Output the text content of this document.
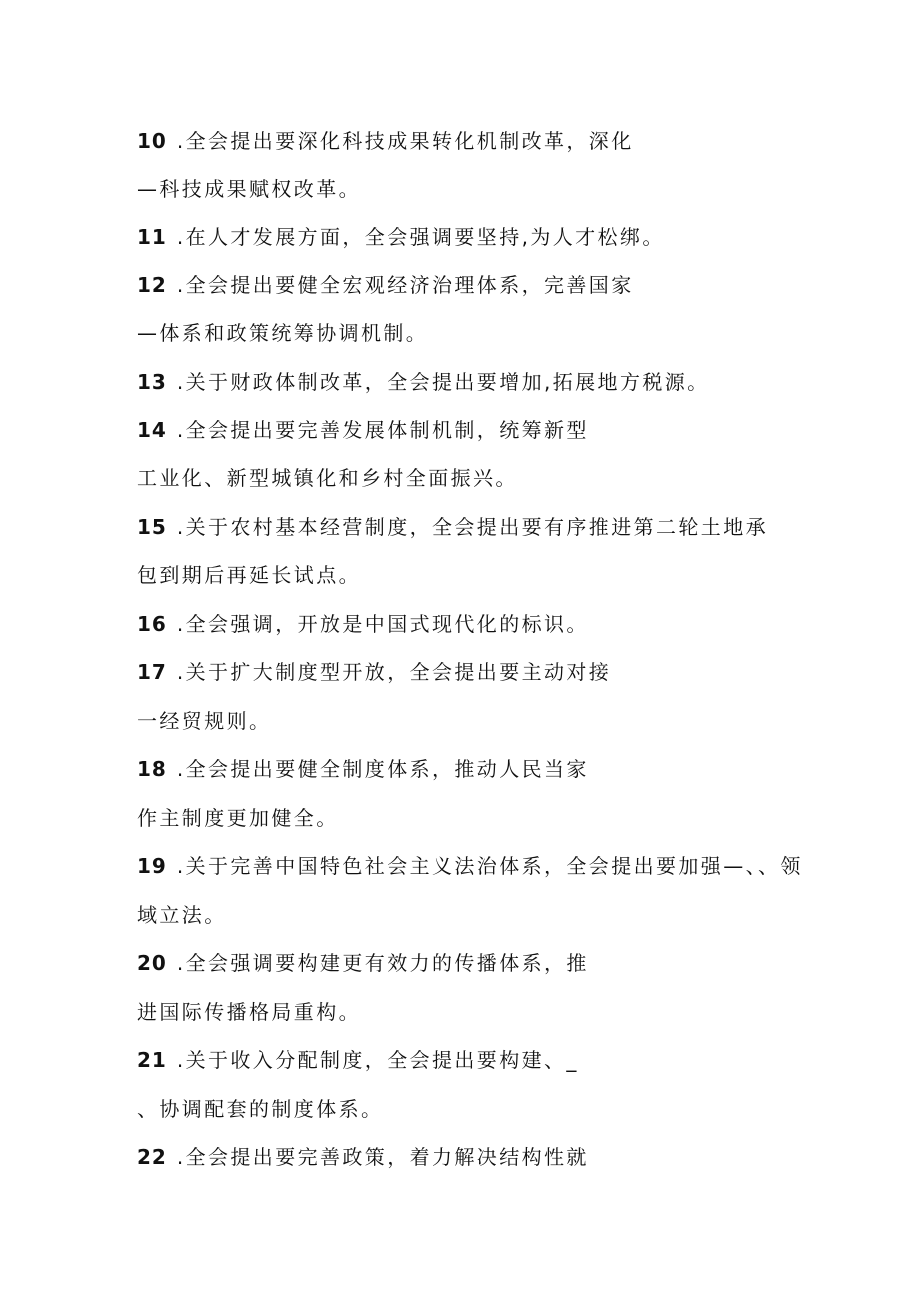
10 .全会提出要深化科技成果转化机制改革，深化
—科技成果赋权改革。
11 .在人才发展方面，全会强调要坚持,为人才松绑。
12 .全会提出要健全宏观经济治理体系，完善国家
—体系和政策统筹协调机制。
13 .关于财政体制改革，全会提出要增加,拓展地方税源。
14 .全会提出要完善发展体制机制，统筹新型
工业化、新型城镇化和乡村全面振兴。
15 .关于农村基本经营制度，全会提出要有序推进第二轮土地承
包到期后再延长试点。
16 .全会强调，开放是中国式现代化的标识。
17 .关于扩大制度型开放，全会提出要主动对接
一经贸规则。
18 .全会提出要健全制度体系，推动人民当家
作主制度更加健全。
19 .关于完善中国特色社会主义法治体系，全会提出要加强—、、领
域立法。
20 .全会强调要构建更有效力的传播体系，推
进国际传播格局重构。
21 .关于收入分配制度，全会提出要构建、_
、协调配套的制度体系。
22 .全会提出要完善政策，着力解决结构性就
